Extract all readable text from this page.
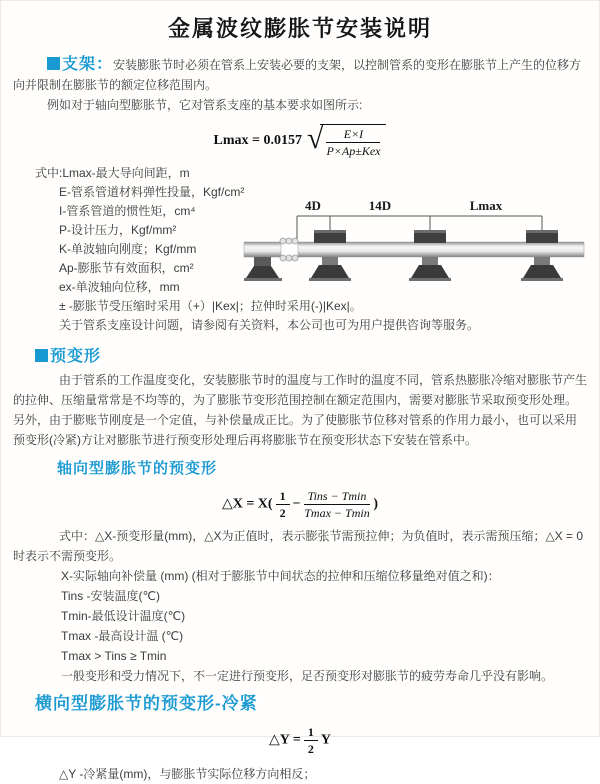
金属波纹膨胀节安装说明

支架：安装膨胀节时必须在管系上安装必要的支架，以控制管系的变形在膨胀节上产生的位移方向并限制在膨胀节的额定位移范围内。

例如对于轴向型膨胀节，它对管系支座的基本要求如图所示:

Lmax = 0.0157 √ $\frac{E\times I}{\text{P×Ap±Kex}}$
式中:Lmax-最大导向间距，m
E-管系管道材料弹性投量，Kgf/cm²
I-管系管道的惯性矩，cm⁴
P-设计压力，Kgf/mm²
K-单波轴向刚度；Kgf/mm
Ap-膨胀节有效面积，cm²
ex-单波轴向位移，mm
± -膨胀节受压缩时采用（+）|Kex|；拉伸时采用(-)|Kex|。
关于管系支座设计问题，请参阅有关资料，本公司也可为用户提供咨询等服务。
4D	14D	Lmax
预变形

由于管系的工作温度变化，安装膨胀节时的温度与工作时的温度不同，管系热膨胀冷缩对膨胀节产生的拉伸、压缩量常常是不均等的，为了膨胀节变形范围控制在额定范围内，需要对膨胀节采取预变形处理。另外，由于膨账节刚度是一个定值，与补偿量成正比。为了使膨胀节位移对管系的作用力最小，也可以采用预变形(冷紧)方让对膨胀节进行预变形处理后再将膨胀节在预变形状态下安装在管系中。

轴向型膨胀节的预变形
△X = $X( \frac{1}{2} - \frac{\text{Tins − Tmin}}{Tmax - Tmin}$ )

式中：△X-预变形量(mm)，△X为正值时，表示膨张节需预拉伸；为负值时，表示需预压缩；△X = 0时表示不需预变形。

X-实际轴向补偿量 (mm) (相对于膨胀节中间状态的拉伸和压缩位移量绝对值之和)：
Tins -安装温度(℃)
Tmin-最低设计温度(℃)
Tmax -最高设计温 (℃)
Tmax > Tins ≥ Tmin
一般变形和受力情况下，不一定进行预变形，足否预变形对膨胀节的疲劳寿命几乎没有影响。
横向型膨胀节的预变形-冷紧
△Y = $\frac{1}{2}$ Y
△Y -冷紧量(mm)，与膨胀节实际位移方向相反；
